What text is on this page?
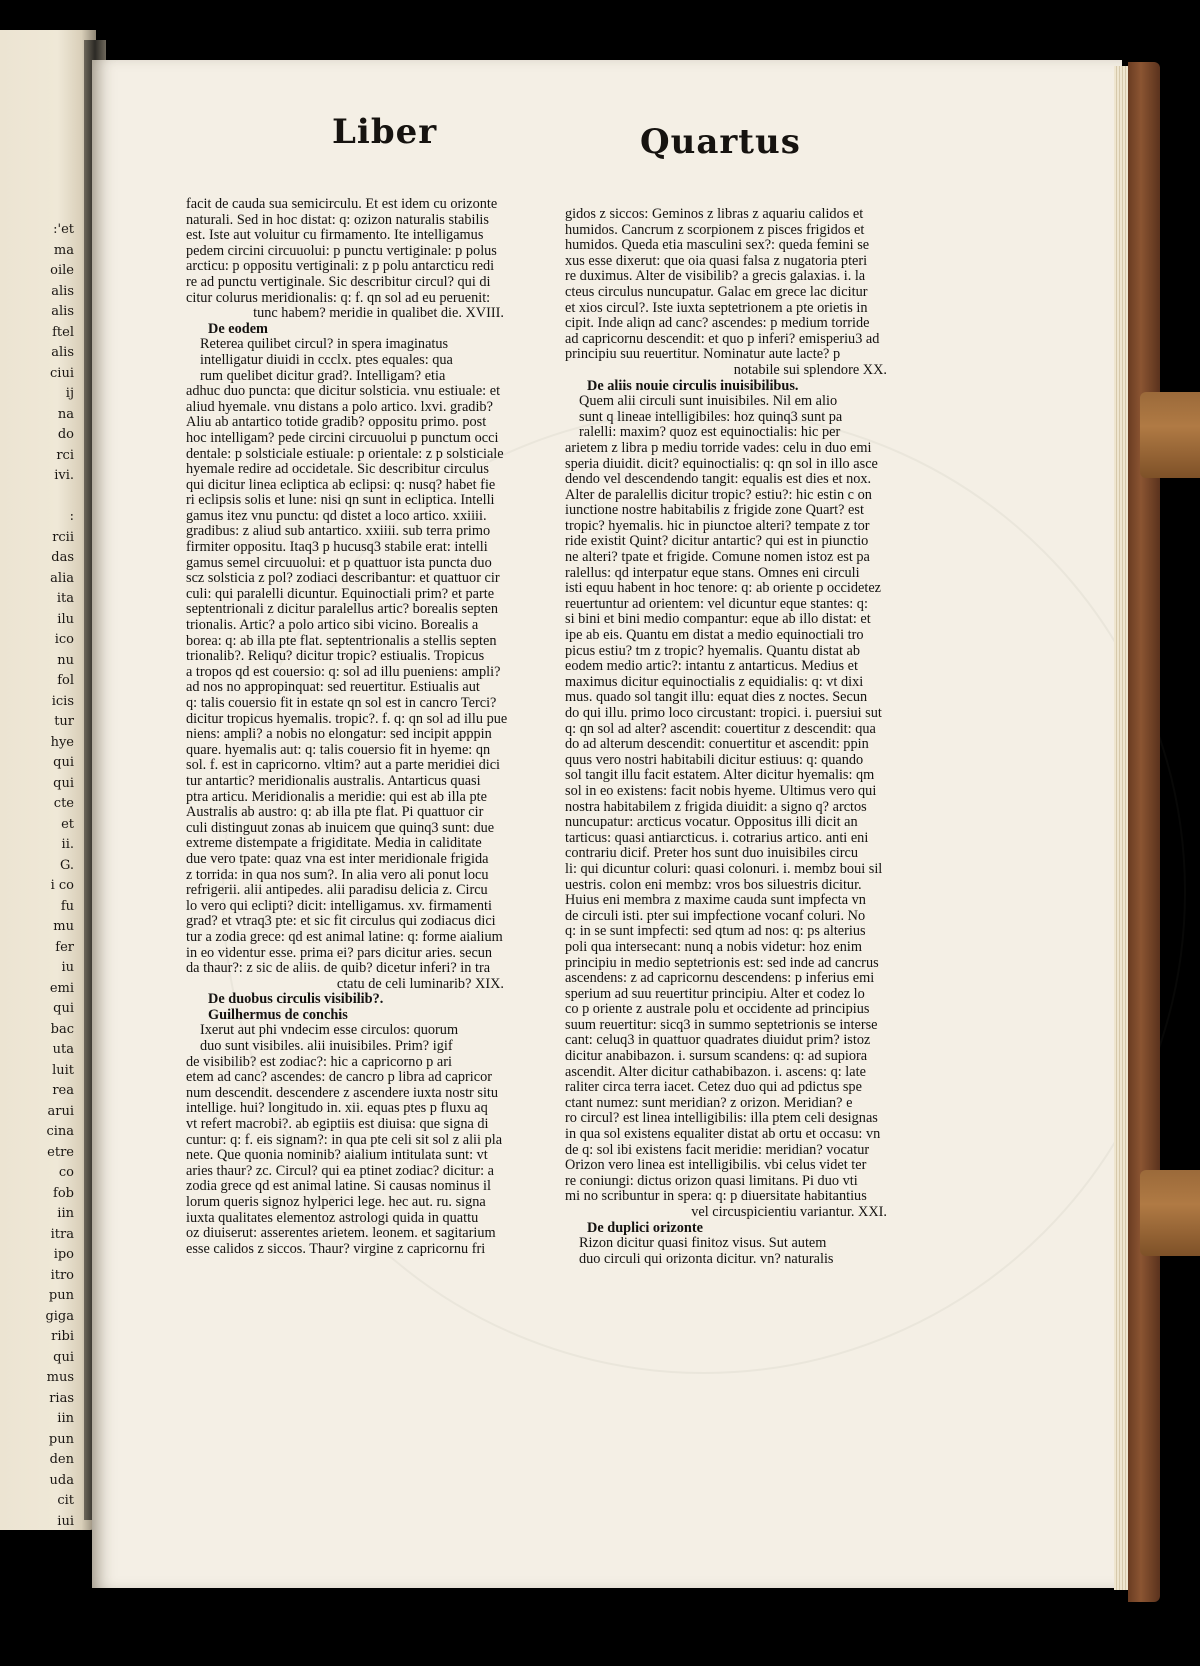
:'et
ma
oile
alis
alis
ftel
alis
ciui
ij
na
do
rci
ivi.
:
rcii
das
alia
ita
ilu
ico
nu
fol
icis
tur
hye
qui
qui
cte
et
ii.
G.
i co
fu
mu
fer
iu
emi
qui
bac
uta
luit
rea
arui
cina
etre
co
fob
iin
itra
ipo
itro
pun
giga
ribi
qui
mus
rias
iin
pun
den
uda
cit
iui
Liber	Quartus
facit de cauda sua semicirculu. Et est idem cu orizonte
naturali. Sed in hoc distat: q: ozizon naturalis stabilis
est. Iste aut voluitur cu firmamento. Ite intelligamus
pedem circini circuuolui: p punctu vertiginale: p polus
arcticu: p oppositu vertiginali: z p polu antarcticu redi
re ad punctu vertiginale. Sic describitur circul? qui di
citur colurus meridionalis: q: f. qn sol ad eu peruenit:
tunc habem? meridie in qualibet die. XVIII.
De eodem
Reterea quilibet circul? in spera imaginatus
intelligatur diuidi in ccclx. ptes equales: qua
rum quelibet dicitur grad?. Intelligam? etia
adhuc duo puncta: que dicitur solsticia. vnu estiuale: et
aliud hyemale. vnu distans a polo artico. lxvi. gradib?
Aliu ab antartico totide gradib? oppositu primo. post
hoc intelligam? pede circini circuuolui p punctum occi
dentale: p solsticiale estiuale: p orientale: z p solsticiale
hyemale redire ad occidetale. Sic describitur circulus
qui dicitur linea ecliptica ab eclipsi: q: nusq? habet fie
ri eclipsis solis et lune: nisi qn sunt in ecliptica. Intelli
gamus itez vnu punctu: qd distet a loco artico. xxiiii.
gradibus: z aliud sub antartico. xxiiii. sub terra primo
firmiter oppositu. Itaq3 p hucusq3 stabile erat: intelli
gamus semel circuuolui: et p quattuor ista puncta duo
scz solsticia z pol? zodiaci describantur: et quattuor cir
culi: qui paralelli dicuntur. Equinoctiali prim? et parte
septentrionali z dicitur paralellus artic? borealis septen
trionalis. Artic? a polo artico sibi vicino. Borealis a
borea: q: ab illa pte flat. septentrionalis a stellis septen
trionalib?. Reliqu? dicitur tropic? estiualis. Tropicus
a tropos qd est couersio: q: sol ad illu pueniens: ampli?
ad nos no appropinquat: sed reuertitur. Estiualis aut
q: talis couersio fit in estate qn sol est in cancro Terci?
dicitur tropicus hyemalis. tropic?. f. q: qn sol ad illu pue
niens: ampli? a nobis no elongatur: sed incipit apppin
quare. hyemalis aut: q: talis couersio fit in hyeme: qn
sol. f. est in capricorno. vltim? aut a parte meridiei dici
tur antartic? meridionalis australis. Antarticus quasi
ptra articu. Meridionalis a meridie: qui est ab illa pte
Australis ab austro: q: ab illa pte flat. Pi quattuor cir
culi distinguut zonas ab inuicem que quinq3 sunt: due
extreme distempate a frigiditate. Media in caliditate
due vero tpate: quaz vna est inter meridionale frigida
z torrida: in qua nos sum?. In alia vero ali ponut locu
refrigerii. alii antipedes. alii paradisu delicia z. Circu
lo vero qui eclipti? dicit: intelligamus. xv. firmamenti
grad? et vtraq3 pte: et sic fit circulus qui zodiacus dici
tur a zodia grece: qd est animal latine: q: forme aialium
in eo videntur esse. prima ei? pars dicitur aries. secun
da thaur?: z sic de aliis. de quib? dicetur inferi? in tra
ctatu de celi luminarib? XIX.
De duobus circulis visibilib?.
Guilhermus de conchis
Ixerut aut phi vndecim esse circulos: quorum
duo sunt visibiles. alii inuisibiles. Prim? igif
de visibilib? est zodiac?: hic a capricorno p ari
etem ad canc? ascendes: de cancro p libra ad capricor
num descendit. descendere z ascendere iuxta nostr situ
intellige. hui? longitudo in. xii. equas ptes p fluxu aq
vt refert macrobi?. ab egiptiis est diuisa: que signa di
cuntur: q: f. eis signam?: in qua pte celi sit sol z alii pla
nete. Que quonia nominib? aialium intitulata sunt: vt
aries thaur? zc. Circul? qui ea ptinet zodiac? dicitur: a
zodia grece qd est animal latine. Si causas nominus il
lorum queris signoz hylperici lege. hec aut. ru. signa
iuxta qualitates elementoz astrologi quida in quattu
oz diuiserut: asserentes arietem. leonem. et sagitarium
esse calidos z siccos. Thaur? virgine z capricornu fri
gidos z siccos: Geminos z libras z aquariu calidos et
humidos. Cancrum z scorpionem z pisces frigidos et
humidos. Queda etia masculini sex?: queda femini se
xus esse dixerut: que oia quasi falsa z nugatoria pteri
re duximus. Alter de visibilib? a grecis galaxias. i. la
cteus circulus nuncupatur. Galac em grece lac dicitur
et xios circul?. Iste iuxta septetrionem a pte orietis in
cipit. Inde aliqn ad canc? ascendes: p medium torride
ad capricornu descendit: et quo p inferi? emisperiu3 ad
principiu suu reuertitur. Nominatur aute lacte? p
notabile sui splendore XX.
De aliis nouie circulis inuisibilibus.
Quem alii circuli sunt inuisibiles. Nil em alio
sunt q lineae intelligibiles: hoz quinq3 sunt pa
ralelli: maxim? quoz est equinoctialis: hic per
arietem z libra p mediu torride vades: celu in duo emi
speria diuidit. dicit? equinoctialis: q: qn sol in illo asce
dendo vel descendendo tangit: equalis est dies et nox.
Alter de paralellis dicitur tropic? estiu?: hic estin c on
iunctione nostre habitabilis z frigide zone Quart? est
tropic? hyemalis. hic in piunctoe alteri? tempate z tor
ride existit Quint? dicitur antartic? qui est in piunctio
ne alteri? tpate et frigide. Comune nomen istoz est pa
ralellus: qd interpatur eque stans. Omnes eni circuli
isti equu habent in hoc tenore: q: ab oriente p occidetez
reuertuntur ad orientem: vel dicuntur eque stantes: q:
si bini et bini medio compantur: eque ab illo distat: et
ipe ab eis. Quantu em distat a medio equinoctiali tro
picus estiu? tm z tropic? hyemalis. Quantu distat ab
eodem medio artic?: intantu z antarticus. Medius et
maximus dicitur equinoctialis z equidialis: q: vt dixi
mus. quado sol tangit illu: equat dies z noctes. Secun
do qui illu. primo loco circustant: tropici. i. puersiui sut
q: qn sol ad alter? ascendit: couertitur z descendit: qua
do ad alterum descendit: conuertitur et ascendit: ppin
quus vero nostri habitabili dicitur estiuus: q: quando
sol tangit illu facit estatem. Alter dicitur hyemalis: qm
sol in eo existens: facit nobis hyeme. Ultimus vero qui
nostra habitabilem z frigida diuidit: a signo q? arctos
nuncupatur: arcticus vocatur. Oppositus illi dicit an
tarticus: quasi antiarcticus. i. cotrarius artico. anti eni
contrariu dicif. Preter hos sunt duo inuisibiles circu
li: qui dicuntur coluri: quasi colonuri. i. membz boui sil
uestris. colon eni membz: vros bos siluestris dicitur.
Huius eni membra z maxime cauda sunt impfecta vn
de circuli isti. pter sui impfectione vocanf coluri. No
q: in se sunt impfecti: sed qtum ad nos: q: ps alterius
poli qua intersecant: nunq a nobis videtur: hoz enim
principiu in medio septetrionis est: sed inde ad cancrus
ascendens: z ad capricornu descendens: p inferius emi
sperium ad suu reuertitur principiu. Alter et codez lo
co p oriente z australe polu et occidente ad principius
suum reuertitur: sicq3 in summo septetrionis se interse
cant: celuq3 in quattuor quadrates diuidut prim? istoz
dicitur anabibazon. i. sursum scandens: q: ad supiora
ascendit. Alter dicitur cathabibazon. i. ascens: q: late
raliter circa terra iacet. Cetez duo qui ad pdictus spe
ctant numez: sunt meridian? z orizon. Meridian? e
ro circul? est linea intelligibilis: illa ptem celi designas
in qua sol existens equaliter distat ab ortu et occasu: vn
de q: sol ibi existens facit meridie: meridian? vocatur
Orizon vero linea est intelligibilis. vbi celus videt ter
re coniungi: dictus orizon quasi limitans. Pi duo vti
mi no scribuntur in spera: q: p diuersitate habitantius
vel circuspicientiu variantur. XXI.
De duplici orizonte
Rizon dicitur quasi finitoz visus. Sut autem
duo circuli qui orizonta dicitur. vn? naturalis
